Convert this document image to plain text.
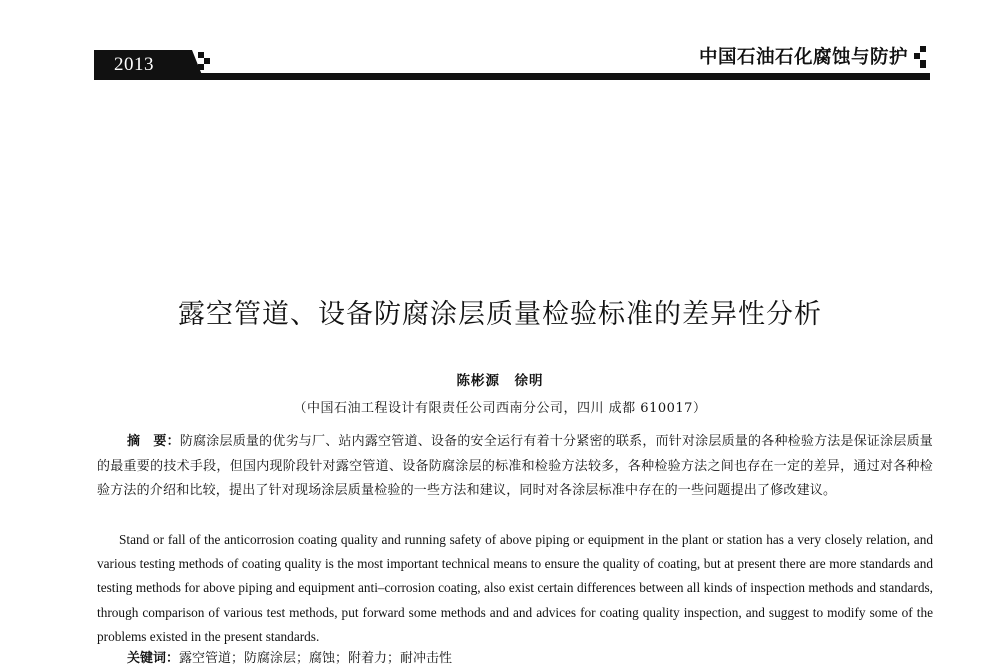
2013	中国石油石化腐蚀与防护
露空管道、设备防腐涂层质量检验标准的差异性分析
陈彬源　徐明
（中国石油工程设计有限责任公司西南分公司，四川 成都 610017）
摘　要：防腐涂层质量的优劣与厂、站内露空管道、设备的安全运行有着十分紧密的联系，而针对涂层质量的各种检验方法是保证涂层质量的最重要的技术手段，但国内现阶段针对露空管道、设备防腐涂层的标准和检验方法较多，各种检验方法之间也存在一定的差异，通过对各种检验方法的介绍和比较，提出了针对现场涂层质量检验的一些方法和建议，同时对各涂层标准中存在的一些问题提出了修改建议。
Stand or fall of the anticorrosion coating quality and running safety of above piping or equipment in the plant or station has a very closely relation, and various testing methods of coating quality is the most important technical means to ensure the quality of coating, but at present there are more standards and testing methods for above piping and equipment anti–corrosion coating, also exist certain differences between all kinds of inspection methods and standards, through comparison of various test methods, put forward some methods and and advices for coating quality inspection, and suggest to modify some of the problems existed in the present standards.
关键词：露空管道；防腐涂层；腐蚀；附着力；耐冲击性
